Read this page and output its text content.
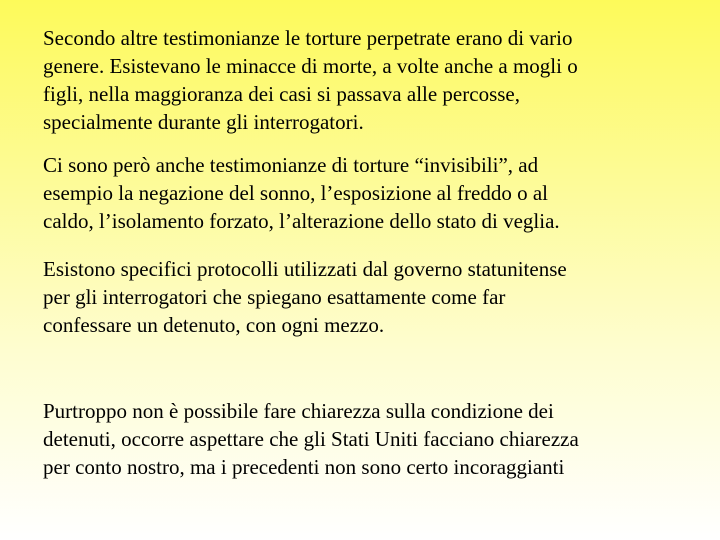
Secondo altre testimonianze le torture perpetrate erano di vario
genere. Esistevano le minacce di morte, a volte anche a mogli o
figli, nella maggioranza dei casi si passava alle percosse,
specialmente durante gli interrogatori.

Ci sono però anche testimonianze di torture “invisibili”, ad
esempio la negazione del sonno, l’esposizione al freddo o al
caldo, l’isolamento forzato, l’alterazione dello stato di veglia.

Esistono specifici protocolli utilizzati dal governo statunitense
per gli interrogatori che spiegano esattamente come far
confessare un detenuto, con ogni mezzo.

Purtroppo non è possibile fare chiarezza sulla condizione dei
detenuti, occorre aspettare che gli Stati Uniti facciano chiarezza
per conto nostro, ma i precedenti non sono certo incoraggianti
